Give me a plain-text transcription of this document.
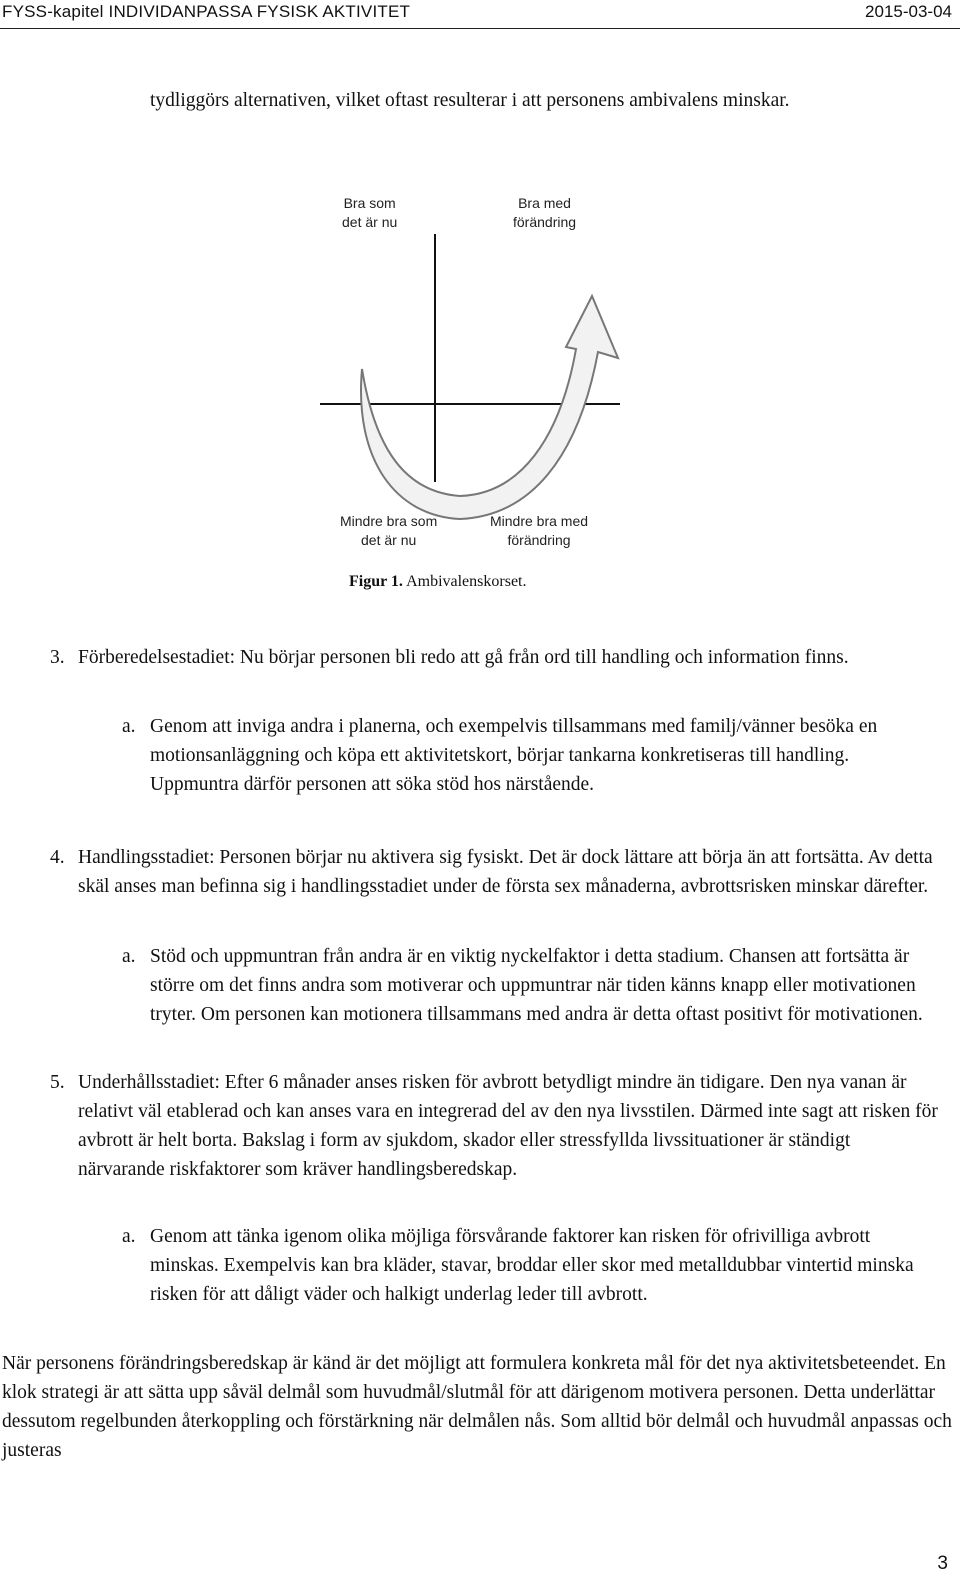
FYSS-kapitel INDIVIDANPASSA FYSISK AKTIVITET	2015-03-04
tydliggörs alternativen, vilket oftast resulterar i att personens ambivalens minskar.
Bra som
det är nu
Bra med
förändring
Mindre bra som
det är nu
Mindre bra med
förändring
Figur 1. Ambivalenskorset.
3. Förberedelsestadiet: Nu börjar personen bli redo att gå från ord till handling och information finns.
a. Genom att inviga andra i planerna, och exempelvis tillsammans med familj/vänner besöka en motionsanläggning och köpa ett aktivitetskort, börjar tankarna konkretiseras till handling. Uppmuntra därför personen att söka stöd hos närstående.
4. Handlingsstadiet: Personen börjar nu aktivera sig fysiskt. Det är dock lättare att börja än att fortsätta. Av detta skäl anses man befinna sig i handlingsstadiet under de första sex månaderna, avbrottsrisken minskar därefter.
a. Stöd och uppmuntran från andra är en viktig nyckelfaktor i detta stadium. Chansen att fortsätta är större om det finns andra som motiverar och uppmuntrar när tiden känns knapp eller motivationen tryter. Om personen kan motionera tillsammans med andra är detta oftast positivt för motivationen.
5. Underhållsstadiet: Efter 6 månader anses risken för avbrott betydligt mindre än tidigare. Den nya vanan är relativt väl etablerad och kan anses vara en integrerad del av den nya livsstilen. Därmed inte sagt att risken för avbrott är helt borta. Bakslag i form av sjukdom, skador eller stressfyllda livssituationer är ständigt närvarande riskfaktorer som kräver handlingsberedskap.
a. Genom att tänka igenom olika möjliga försvårande faktorer kan risken för ofrivilliga avbrott minskas. Exempelvis kan bra kläder, stavar, broddar eller skor med metalldubbar vintertid minska risken för att dåligt väder och halkigt underlag leder till avbrott.
När personens förändringsberedskap är känd är det möjligt att formulera konkreta mål för det nya aktivitetsbeteendet. En klok strategi är att sätta upp såväl delmål som huvudmål/slutmål för att därigenom motivera personen. Detta underlättar dessutom regelbunden återkoppling och förstärkning när delmålen nås. Som alltid bör delmål och huvudmål anpassas och justeras
3
